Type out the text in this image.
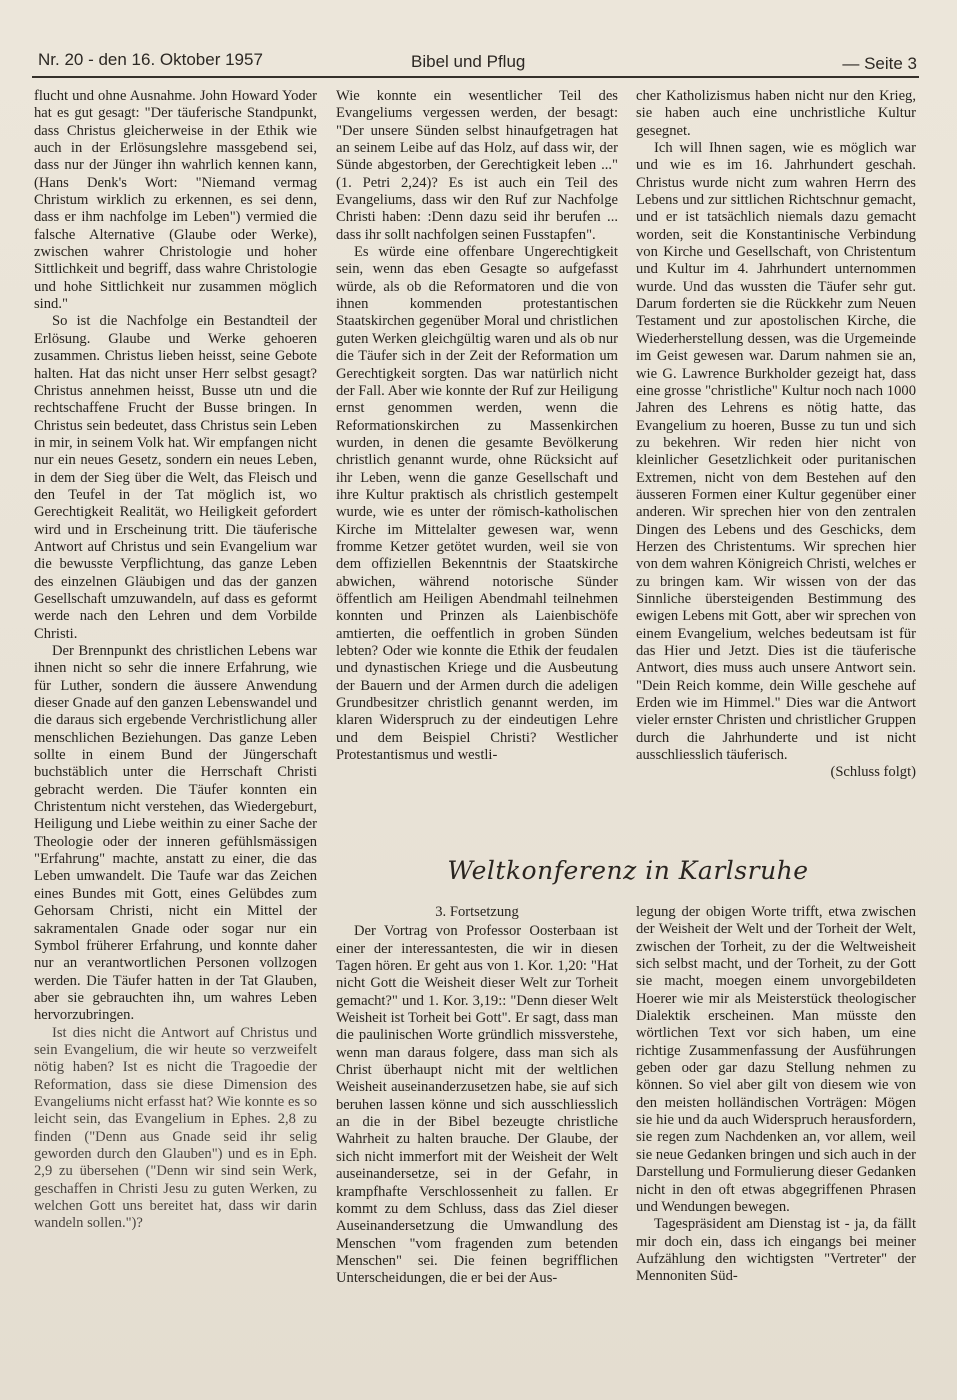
Nr. 20 - den 16. Oktober 1957	Bibel und Pflug	— Seite 3

flucht und ohne Ausnahme. John Howard Yoder hat es gut gesagt: "Der täuferische Standpunkt, dass Christus gleicherweise in der Ethik wie auch in der Erlösungslehre massgebend sei, dass nur der Jünger ihn wahrlich kennen kann, (Hans Denk's Wort: "Niemand vermag Christum wirklich zu erkennen, es sei denn, dass er ihm nachfolge im Leben") vermied die falsche Alternative (Glaube oder Werke), zwischen wahrer Christologie und hoher Sittlichkeit und begriff, dass wahre Christologie und hohe Sittlichkeit nur zusammen möglich sind."

So ist die Nachfolge ein Bestandteil der Erlösung. Glaube und Werke gehoeren zusammen. Christus lieben heisst, seine Gebote halten. Hat das nicht unser Herr selbst gesagt? Christus annehmen heisst, Busse utn und die rechtschaffene Frucht der Busse bringen. In Christus sein bedeutet, dass Christus sein Leben in mir, in seinem Volk hat. Wir empfangen nicht nur ein neues Gesetz, sondern ein neues Leben, in dem der Sieg über die Welt, das Fleisch und den Teufel in der Tat möglich ist, wo Gerechtigkeit Realität, wo Heiligkeit gefordert wird und in Erscheinung tritt. Die täuferische Antwort auf Christus und sein Evangelium war die bewusste Verpflichtung, das ganze Leben des einzelnen Gläubigen und das der ganzen Gesellschaft umzuwandeln, auf dass es geformt werde nach den Lehren und dem Vorbilde Christi.

Der Brennpunkt des christlichen Lebens war ihnen nicht so sehr die innere Erfahrung, wie für Luther, sondern die äussere Anwendung dieser Gnade auf den ganzen Lebenswandel und die daraus sich ergebende Verchristlichung aller menschlichen Beziehungen. Das ganze Leben sollte in einem Bund der Jüngerschaft buchstäblich unter die Herrschaft Christi gebracht werden. Die Täufer konnten ein Christentum nicht verstehen, das Wiedergeburt, Heiligung und Liebe weithin zu einer Sache der Theologie oder der inneren gefühlsmässigen "Erfahrung" machte, anstatt zu einer, die das Leben umwandelt. Die Taufe war das Zeichen eines Bundes mit Gott, eines Gelübdes zum Gehorsam Christi, nicht ein Mittel der sakramentalen Gnade oder sogar nur ein Symbol früherer Erfahrung, und konnte daher nur an verantwortlichen Personen vollzogen werden. Die Täufer hatten in der Tat Glauben, aber sie gebrauchten ihn, um wahres Leben hervorzubringen.

Ist dies nicht die Antwort auf Christus und sein Evangelium, die wir heute so verzweifelt nötig haben? Ist es nicht die Tragoedie der Reformation, dass sie diese Dimension des Evangeliums nicht erfasst hat? Wie konnte es so leicht sein, das Evangelium in Ephes. 2,8 zu finden ("Denn aus Gnade seid ihr selig geworden durch den Glauben") und es in Eph. 2,9 zu übersehen ("Denn wir sind sein Werk, geschaffen in Christi Jesu zu guten Werken, zu welchen Gott uns bereitet hat, dass wir darin wandeln sollen.")?

Wie konnte ein wesentlicher Teil des Evangeliums vergessen werden, der besagt: "Der unsere Sünden selbst hinaufgetragen hat an seinem Leibe auf das Holz, auf dass wir, der Sünde abgestorben, der Gerechtigkeit leben ..." (1. Petri 2,24)? Es ist auch ein Teil des Evangeliums, dass wir den Ruf zur Nachfolge Christi haben: :Denn dazu seid ihr berufen ... dass ihr sollt nachfolgen seinen Fusstapfen".

Es würde eine offenbare Ungerechtigkeit sein, wenn das eben Gesagte so aufgefasst würde, als ob die Reformatoren und die von ihnen kommenden protestantischen Staatskirchen gegenüber Moral und christlichen guten Werken gleichgültig waren und als ob nur die Täufer sich in der Zeit der Reformation um Gerechtigkeit sorgten. Das war natürlich nicht der Fall. Aber wie konnte der Ruf zur Heiligung ernst genommen werden, wenn die Reformationskirchen zu Massenkirchen wurden, in denen die gesamte Bevölkerung christlich genannt wurde, ohne Rücksicht auf ihr Leben, wenn die ganze Gesellschaft und ihre Kultur praktisch als christlich gestempelt wurde, wie es unter der römisch-katholischen Kirche im Mittelalter gewesen war, wenn fromme Ketzer getötet wurden, weil sie von dem offiziellen Bekenntnis der Staatskirche abwichen, während notorische Sünder öffentlich am Heiligen Abendmahl teilnehmen konnten und Prinzen als Laienbischöfe amtierten, die oeffentlich in groben Sünden lebten? Oder wie konnte die Ethik der feudalen und dynastischen Kriege und die Ausbeutung der Bauern und der Armen durch die adeligen Grundbesitzer christlich genannt werden, im klaren Widerspruch zu der eindeutigen Lehre und dem Beispiel Christi? Westlicher Protestantismus und westli-

cher Katholizismus haben nicht nur den Krieg, sie haben auch eine unchristliche Kultur gesegnet.

Ich will Ihnen sagen, wie es möglich war und wie es im 16. Jahrhundert geschah. Christus wurde nicht zum wahren Herrn des Lebens und zur sittlichen Richtschnur gemacht, und er ist tatsächlich niemals dazu gemacht worden, seit die Konstantinische Verbindung von Kirche und Gesellschaft, von Christentum und Kultur im 4. Jahrhundert unternommen wurde. Und das wussten die Täufer sehr gut. Darum forderten sie die Rückkehr zum Neuen Testament und zur apostolischen Kirche, die Wiederherstellung dessen, was die Urgemeinde im Geist gewesen war. Darum nahmen sie an, wie G. Lawrence Burkholder gezeigt hat, dass eine grosse "christliche" Kultur noch nach 1000 Jahren des Lehrens es nötig hatte, das Evangelium zu hoeren, Busse zu tun und sich zu bekehren. Wir reden hier nicht von kleinlicher Gesetzlichkeit oder puritanischen Extremen, nicht von dem Bestehen auf den äusseren Formen einer Kultur gegenüber einer anderen. Wir sprechen hier von den zentralen Dingen des Lebens und des Geschicks, dem Herzen des Christentums. Wir sprechen hier von dem wahren Königreich Christi, welches er zu bringen kam. Wir wissen von der das Sinnliche übersteigenden Bestimmung des ewigen Lebens mit Gott, aber wir sprechen von einem Evangelium, welches bedeutsam ist für das Hier und Jetzt. Dies ist die täuferische Antwort, dies muss auch unsere Antwort sein. "Dein Reich komme, dein Wille geschehe auf Erden wie im Himmel." Dies war die Antwort vieler ernster Christen und christlicher Gruppen durch die Jahrhunderte und ist nicht ausschliesslich täuferisch.

(Schluss folgt)

Weltkonferenz in Karlsruhe

3. Fortsetzung

Der Vortrag von Professor Oosterbaan ist einer der interessantesten, die wir in diesen Tagen hören. Er geht aus von 1. Kor. 1,20: "Hat nicht Gott die Weisheit dieser Welt zur Torheit gemacht?" und 1. Kor. 3,19:: "Denn dieser Welt Weisheit ist Torheit bei Gott". Er sagt, dass man die paulinischen Worte gründlich missverstehe, wenn man daraus folgere, dass man sich als Christ überhaupt nicht mit der weltlichen Weisheit auseinanderzusetzen habe, sie auf sich beruhen lassen könne und sich ausschliesslich an die in der Bibel bezeugte christliche Wahrheit zu halten brauche. Der Glaube, der sich nicht immerfort mit der Weisheit der Welt auseinandersetze, sei in der Gefahr, in krampfhafte Verschlossenheit zu fallen. Er kommt zu dem Schluss, dass das Ziel dieser Auseinandersetzung die Umwandlung des Menschen "vom fragenden zum betenden Menschen" sei. Die feinen begrifflichen Unterscheidungen, die er bei der Aus-

legung der obigen Worte trifft, etwa zwischen der Weisheit der Welt und der Torheit der Welt, zwischen der Torheit, zu der die Weltweisheit sich selbst macht, und der Torheit, zu der Gott sie macht, moegen einem unvorgebildeten Hoerer wie mir als Meisterstück theologischer Dialektik erscheinen. Man müsste den wörtlichen Text vor sich haben, um eine richtige Zusammenfassung der Ausführungen geben oder gar dazu Stellung nehmen zu können. So viel aber gilt von diesem wie von den meisten holländischen Vorträgen: Mögen sie hie und da auch Widerspruch herausfordern, sie regen zum Nachdenken an, vor allem, weil sie neue Gedanken bringen und sich auch in der Darstellung und Formulierung dieser Gedanken nicht in den oft etwas abgegriffenen Phrasen und Wendungen bewegen.

Tagespräsident am Dienstag ist - ja, da fällt mir doch ein, dass ich eingangs bei meiner Aufzählung den wichtigsten "Vertreter" der Mennoniten Süd-
